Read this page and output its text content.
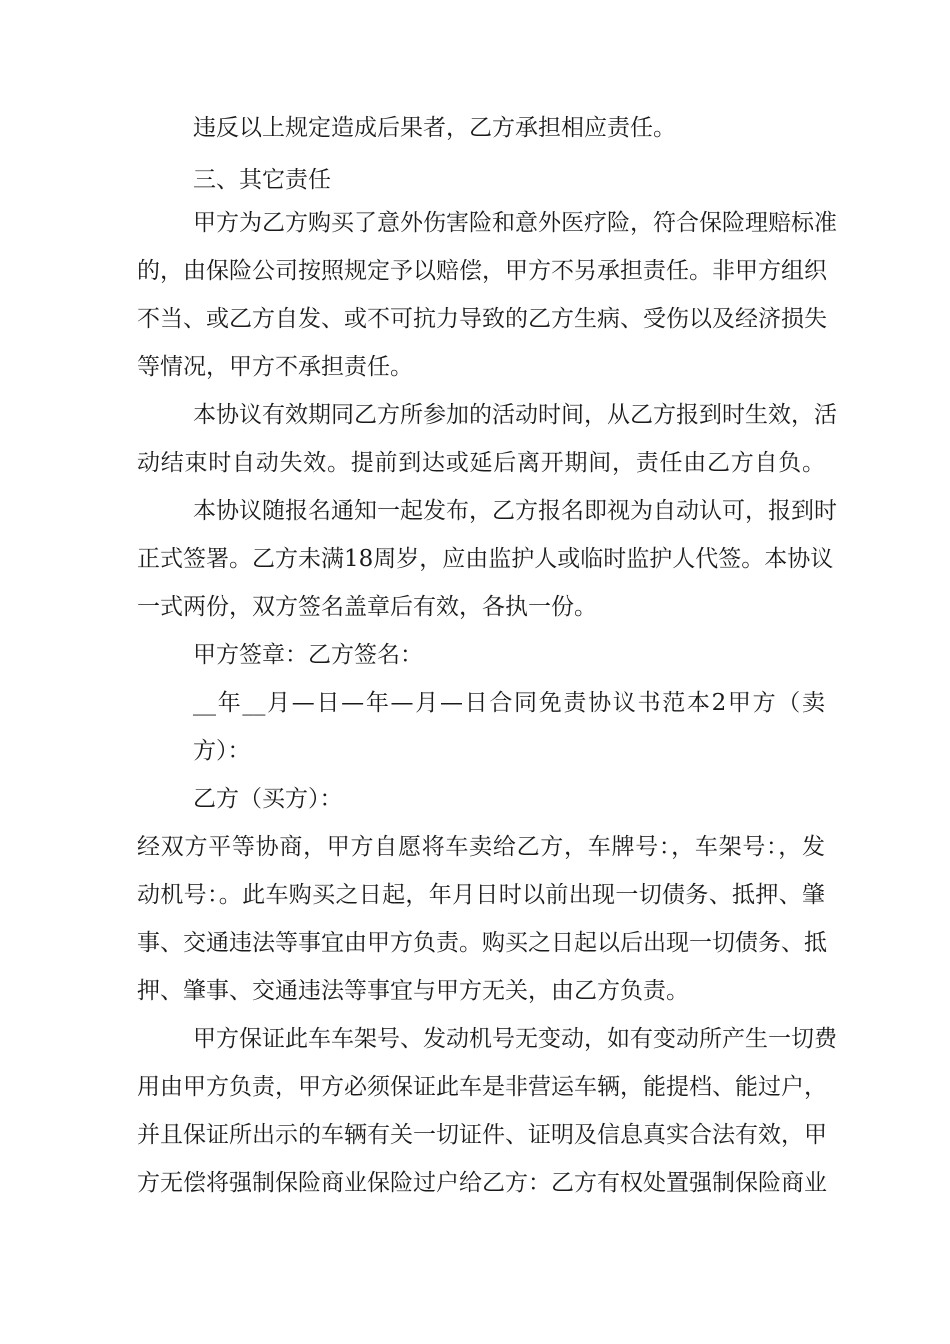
违反以上规定造成后果者，乙方承担相应责任。
三、其它责任
甲方为乙方购买了意外伤害险和意外医疗险，符合保险理赔标准
的，由保险公司按照规定予以赔偿，甲方不另承担责任。非甲方组织
不当、或乙方自发、或不可抗力导致的乙方生病、受伤以及经济损失
等情况，甲方不承担责任。
本协议有效期同乙方所参加的活动时间，从乙方报到时生效，活
动结束时自动失效。提前到达或延后离开期间，责任由乙方自负。
本协议随报名通知一起发布，乙方报名即视为自动认可，报到时
正式签署。乙方未满18周岁，应由监护人或临时监护人代签。本协议
一式两份，双方签名盖章后有效，各执一份。
甲方签章：乙方签名：
__年__月—日—年—月—日合同免责协议书范本2甲方（卖
方）：
乙方（买方）：
经双方平等协商，甲方自愿将车卖给乙方，车牌号：，车架号：，发
动机号：。此车购买之日起，年月日时以前出现一切债务、抵押、肇
事、交通违法等事宜由甲方负责。购买之日起以后出现一切债务、抵
押、肇事、交通违法等事宜与甲方无关，由乙方负责。
甲方保证此车车架号、发动机号无变动，如有变动所产生一切费
用由甲方负责，甲方必须保证此车是非营运车辆，能提档、能过户，
并且保证所出示的车辆有关一切证件、证明及信息真实合法有效，甲
方无偿将强制保险商业保险过户给乙方：乙方有权处置强制保险商业
